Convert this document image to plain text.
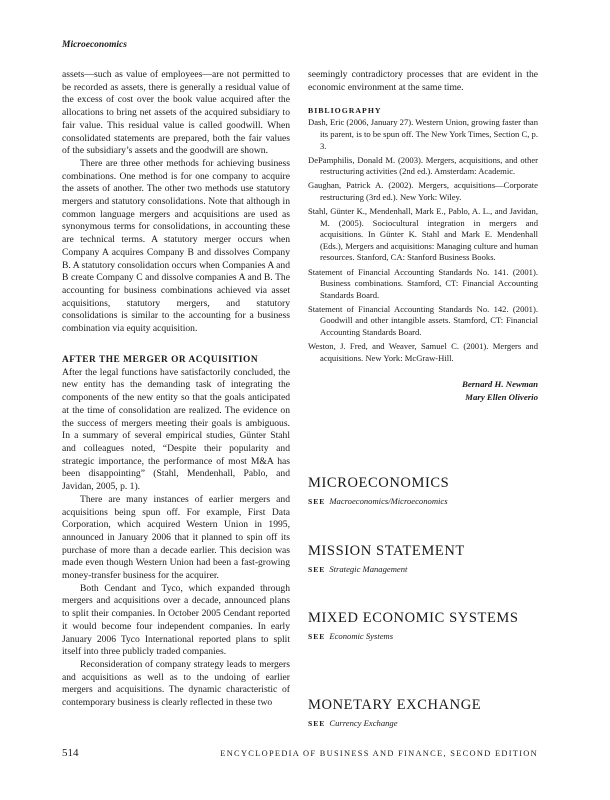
Microeconomics

assets—such as value of employees—are not permitted to be recorded as assets, there is generally a residual value of the excess of cost over the book value acquired after the allocations to bring net assets of the acquired subsidiary to fair value. This residual value is called goodwill. When consolidated statements are prepared, both the fair values of the subsidiary’s assets and the goodwill are shown.

There are three other methods for achieving business combinations. One method is for one company to acquire the assets of another. The other two methods use statutory mergers and statutory consolidations. Note that although in common language mergers and acquisitions are used as synonymous terms for consolidations, in accounting these are technical terms. A statutory merger occurs when Company A acquires Company B and dissolves Company B. A statutory consolidation occurs when Companies A and B create Company C and dissolve companies A and B. The accounting for business combinations achieved via asset acquisitions, statutory mergers, and statutory consolidations is similar to the accounting for a business combination via equity acquisition.

AFTER THE MERGER OR ACQUISITION

After the legal functions have satisfactorily concluded, the new entity has the demanding task of integrating the components of the new entity so that the goals anticipated at the time of consolidation are realized. The evidence on the success of mergers meeting their goals is ambiguous. In a summary of several empirical studies, Günter Stahl and colleagues noted, “Despite their popularity and strategic importance, the performance of most M&A has been disappointing” (Stahl, Mendenhall, Pablo, and Javidan, 2005, p. 1).

There are many instances of earlier mergers and acquisitions being spun off. For example, First Data Corporation, which acquired Western Union in 1995, announced in January 2006 that it planned to spin off its purchase of more than a decade earlier. This decision was made even though Western Union had been a fast-growing money-transfer business for the acquirer.

Both Cendant and Tyco, which expanded through mergers and acquisitions over a decade, announced plans to split their companies. In October 2005 Cendant reported it would become four independent companies. In early January 2006 Tyco International reported plans to split itself into three publicly traded companies.

Reconsideration of company strategy leads to mergers and acquisitions as well as to the undoing of earlier mergers and acquisitions. The dynamic characteristic of contemporary business is clearly reflected in these two

seemingly contradictory processes that are evident in the economic environment at the same time.

BIBLIOGRAPHY

Dash, Eric (2006, January 27). Western Union, growing faster than its parent, is to be spun off. The New York Times, Section C, p. 3.

DePamphilis, Donald M. (2003). Mergers, acquisitions, and other restructuring activities (2nd ed.). Amsterdam: Academic.

Gaughan, Patrick A. (2002). Mergers, acquisitions—Corporate restructuring (3rd ed.). New York: Wiley.

Stahl, Günter K., Mendenhall, Mark E., Pablo, A. L., and Javidan, M. (2005). Sociocultural integration in mergers and acquisitions. In Günter K. Stahl and Mark E. Mendenhall (Eds.), Mergers and acquisitions: Managing culture and human resources. Stanford, CA: Stanford Business Books.

Statement of Financial Accounting Standards No. 141. (2001). Business combinations. Stamford, CT: Financial Accounting Standards Board.

Statement of Financial Accounting Standards No. 142. (2001). Goodwill and other intangible assets. Stamford, CT: Financial Accounting Standards Board.

Weston, J. Fred, and Weaver, Samuel C. (2001). Mergers and acquisitions. New York: McGraw-Hill.

Bernard H. Newman
Mary Ellen Oliverio
MICROECONOMICS
SEE Macroeconomics/Microeconomics
MISSION STATEMENT
SEE Strategic Management
MIXED ECONOMIC SYSTEMS
SEE Economic Systems
MONETARY EXCHANGE
SEE Currency Exchange
514	ENCYCLOPEDIA OF BUSINESS AND FINANCE, SECOND EDITION
